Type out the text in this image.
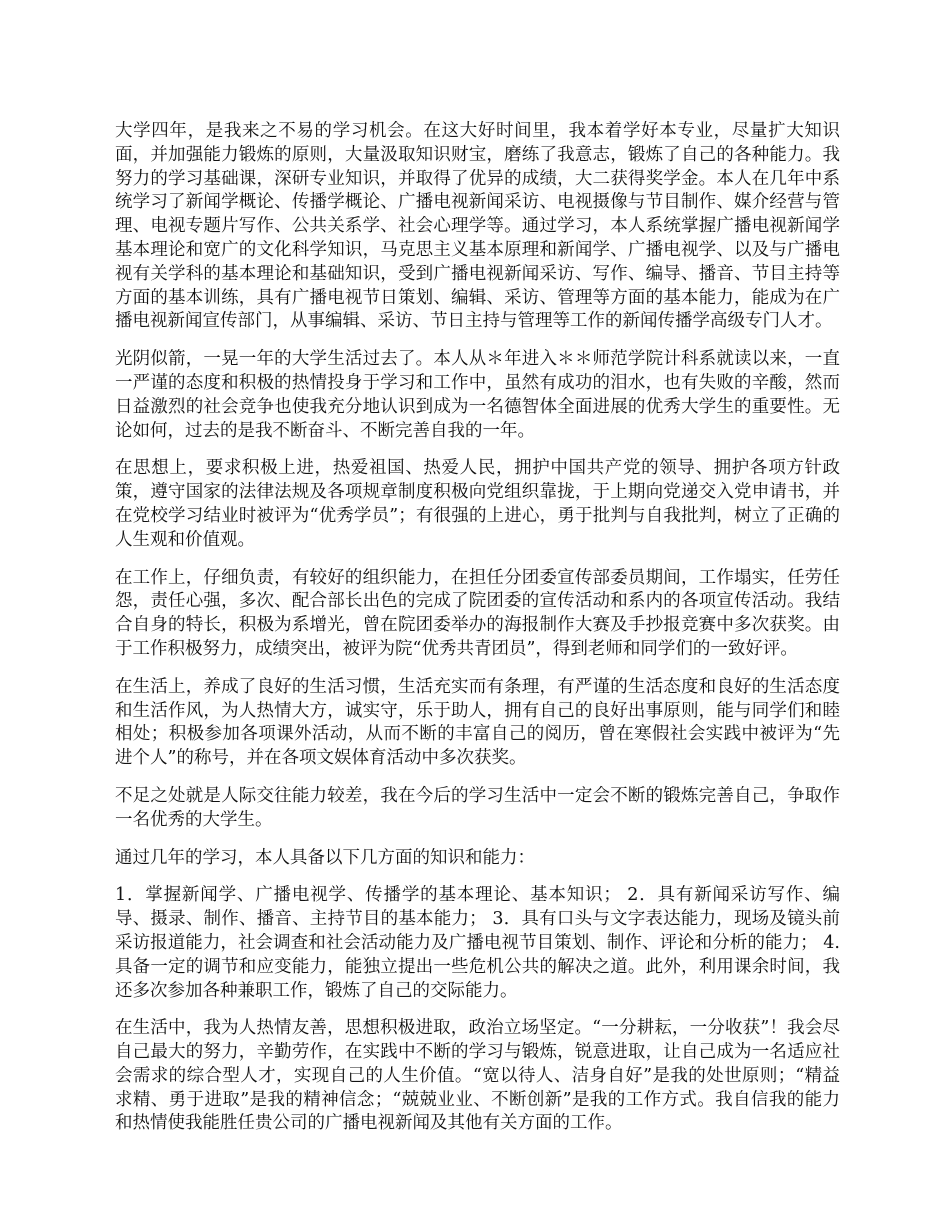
大学四年，是我来之不易的学习机会。在这大好时间里，我本着学好本专业，尽量扩大知识面，并加强能力锻炼的原则，大量汲取知识财宝，磨练了我意志，锻炼了自己的各种能力。我努力的学习基础课，深研专业知识，并取得了优异的成绩，大二获得奖学金。本人在几年中系统学习了新闻学概论、传播学概论、广播电视新闻采访、电视摄像与节目制作、媒介经营与管理、电视专题片写作、公共关系学、社会心理学等。通过学习，本人系统掌握广播电视新闻学基本理论和宽广的文化科学知识，马克思主义基本原理和新闻学、广播电视学、以及与广播电视有关学科的基本理论和基础知识，受到广播电视新闻采访、写作、编导、播音、节目主持等方面的基本训练，具有广播电视节日策划、编辑、采访、管理等方面的基本能力，能成为在广播电视新闻宣传部门，从事编辑、采访、节日主持与管理等工作的新闻传播学高级专门人才。

光阴似箭，一晃一年的大学生活过去了。本人从＊年进入＊＊师范学院计科系就读以来，一直一严谨的态度和积极的热情投身于学习和工作中，虽然有成功的泪水，也有失败的辛酸，然而日益激烈的社会竞争也使我充分地认识到成为一名德智体全面进展的优秀大学生的重要性。无论如何，过去的是我不断奋斗、不断完善自我的一年。

在思想上，要求积极上进，热爱祖国、热爱人民，拥护中国共产党的领导、拥护各项方针政策，遵守国家的法律法规及各项规章制度积极向党组织靠拢，于上期向党递交入党申请书，并在党校学习结业时被评为“优秀学员”；有很强的上进心，勇于批判与自我批判，树立了正确的人生观和价值观。

在工作上，仔细负责，有较好的组织能力，在担任分团委宣传部委员期间，工作塌实，任劳任怨，责任心强，多次、配合部长出色的完成了院团委的宣传活动和系内的各项宣传活动。我结合自身的特长，积极为系增光，曾在院团委举办的海报制作大赛及手抄报竞赛中多次获奖。由于工作积极努力，成绩突出，被评为院“优秀共青团员”，得到老师和同学们的一致好评。

在生活上，养成了良好的生活习惯，生活充实而有条理，有严谨的生活态度和良好的生活态度和生活作风，为人热情大方，诚实守，乐于助人，拥有自己的良好出事原则，能与同学们和睦相处；积极参加各项课外活动，从而不断的丰富自己的阅历，曾在寒假社会实践中被评为“先进个人”的称号，并在各项文娱体育活动中多次获奖。

不足之处就是人际交往能力较差，我在今后的学习生活中一定会不断的锻炼完善自己，争取作一名优秀的大学生。

通过几年的学习，本人具备以下几方面的知识和能力：

1．掌握新闻学、广播电视学、传播学的基本理论、基本知识； 2．具有新闻采访写作、编导、摄录、制作、播音、主持节目的基本能力； 3．具有口头与文字表达能力，现场及镜头前采访报道能力，社会调查和社会活动能力及广播电视节目策划、制作、评论和分析的能力； 4.具备一定的调节和应变能力，能独立提出一些危机公共的解决之道。此外，利用课余时间，我还多次参加各种兼职工作，锻炼了自己的交际能力。

在生活中，我为人热情友善，思想积极进取，政治立场坚定。“一分耕耘，一分收获”！我会尽自己最大的努力，辛勤劳作，在实践中不断的学习与锻炼，锐意进取，让自己成为一名适应社会需求的综合型人才，实现自己的人生价值。“宽以待人、洁身自好”是我的处世原则；“精益求精、勇于进取”是我的精神信念；“兢兢业业、不断创新”是我的工作方式。我自信我的能力和热情使我能胜任贵公司的广播电视新闻及其他有关方面的工作。
